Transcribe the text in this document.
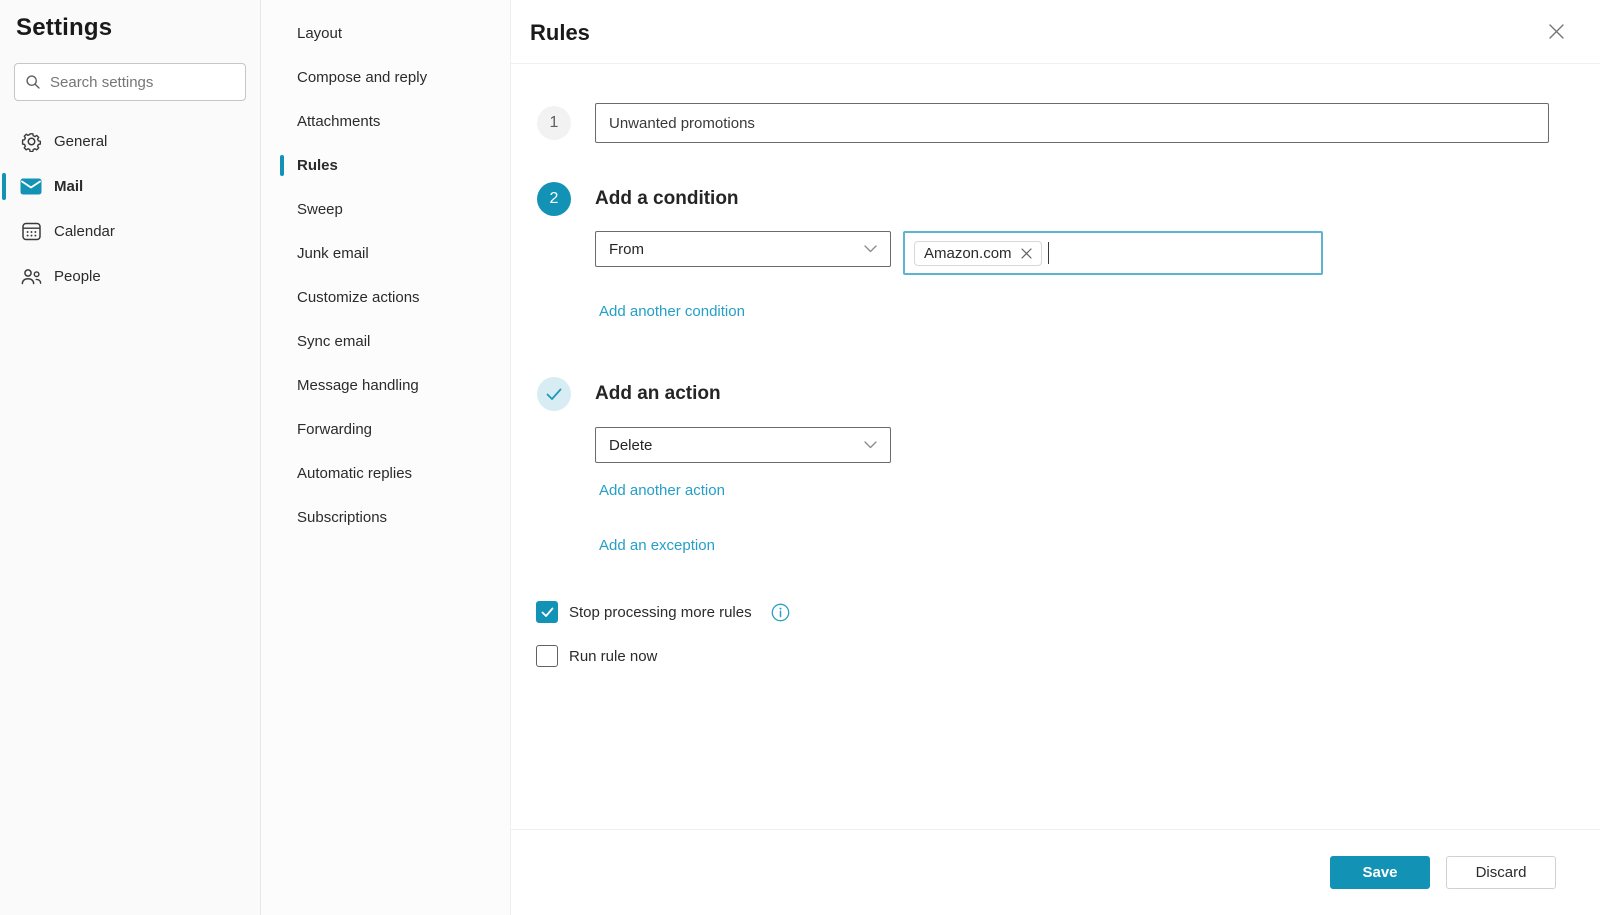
Settings
Search settings
General
Mail
Calendar
People
Layout
Compose and reply
Attachments
Rules
Sweep
Junk email
Customize actions
Sync email
Message handling
Forwarding
Automatic replies
Subscriptions
Rules
1
Unwanted promotions
2	Add a condition
From	Amazon.com
Add another condition
Add an action
Delete
Add another action
Add an exception
Stop processing more rules
Run rule now
Save	Discard
